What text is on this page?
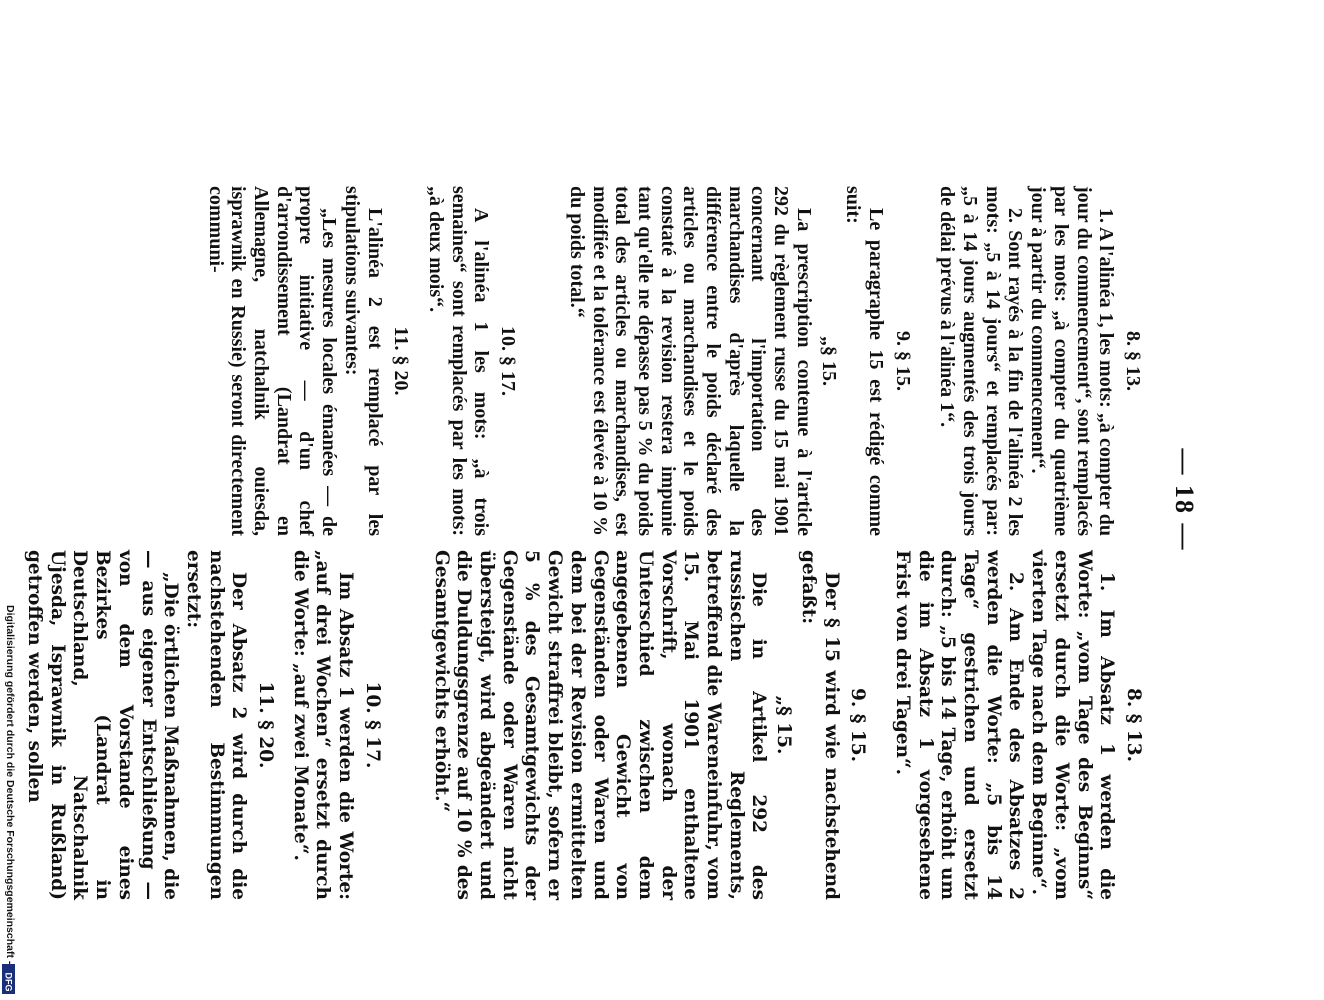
— 18 —

8. § 13.

1. A l'alinéa 1, les mots: „à compter du jour du commencement“, sont remplacés par les mots: „à compter du quatrième jour à partir du commencement“.

2. Sont rayés à la fin de l'alinéa 2 les mots: „5 à 14 jours“ et remplacés par: „5 à 14 jours augmentés des trois jours de délai prévus à l'alinéa 1“.

9. § 15.

Le paragraphe 15 est rédigé comme suit:

„§ 15.

La prescription contenue à l'article 292 du règlement russe du 15 mai 1901 concernant l'importation des marchandises d'après laquelle la différence entre le poids déclaré des articles ou marchandises et le poids constaté à la revision restera impunie tant qu'elle ne dépasse pas 5 % du poids total des articles ou marchandises, est modifiée et la tolérance est élevée à 10 % du poids total.“

10. § 17.

A l'alinéa 1 les mots: „à trois semaines“ sont remplacés par les mots: „à deux mois“.

11. § 20.

L'alinéa 2 est remplacé par les stipulations suivantes:

„Les mesures locales émanées — de propre initiative — d'un chef d'arrondissement (Landrat en Allemagne, natchalnik ouiesda, isprawnik en Russie) seront directement communi-

8. § 13.

1. Im Absatz 1 werden die Worte: „vom Tage des Beginns“ ersetzt durch die Worte: „vom vierten Tage nach dem Beginne“.

2. Am Ende des Absatzes 2 werden die Worte: „5 bis 14 Tage“ gestrichen und ersetzt durch: „5 bis 14 Tage, erhöht um die im Absatz 1 vorgesehene Frist von drei Tagen“.

9. § 15.

Der § 15 wird wie nachstehend gefaßt:

„§ 15.

Die in Artikel 292 des russischen Reglements, betreffend die Wareneinfuhr, vom 15. Mai 1901 enthaltene Vorschrift, wonach der Unterschied zwischen dem angegebenen Gewicht von Gegenständen oder Waren und dem bei der Revision ermittelten Gewicht straffrei bleibt, sofern er 5 % des Gesamtgewichts der Gegenstände oder Waren nicht übersteigt, wird abgeändert und die Duldungsgrenze auf 10 % des Gesamtgewichts erhöht.“

10. § 17.

Im Absatz 1 werden die Worte: „auf drei Wochen“ ersetzt durch die Worte: „auf zwei Monate“.

11. § 20.

Der Absatz 2 wird durch die nachstehenden Bestimmungen ersetzt:

„Die örtlichen Maßnahmen, die — aus eigener Entschließung — von dem Vorstande eines Bezirkes (Landrat in Deutschland, Natschalnik Ujesda, Isprawnik in Rußland) getroffen werden, sollen

Digitalisierung gefördert durch die Deutsche Forschungsgemeinschaft -
DFG
